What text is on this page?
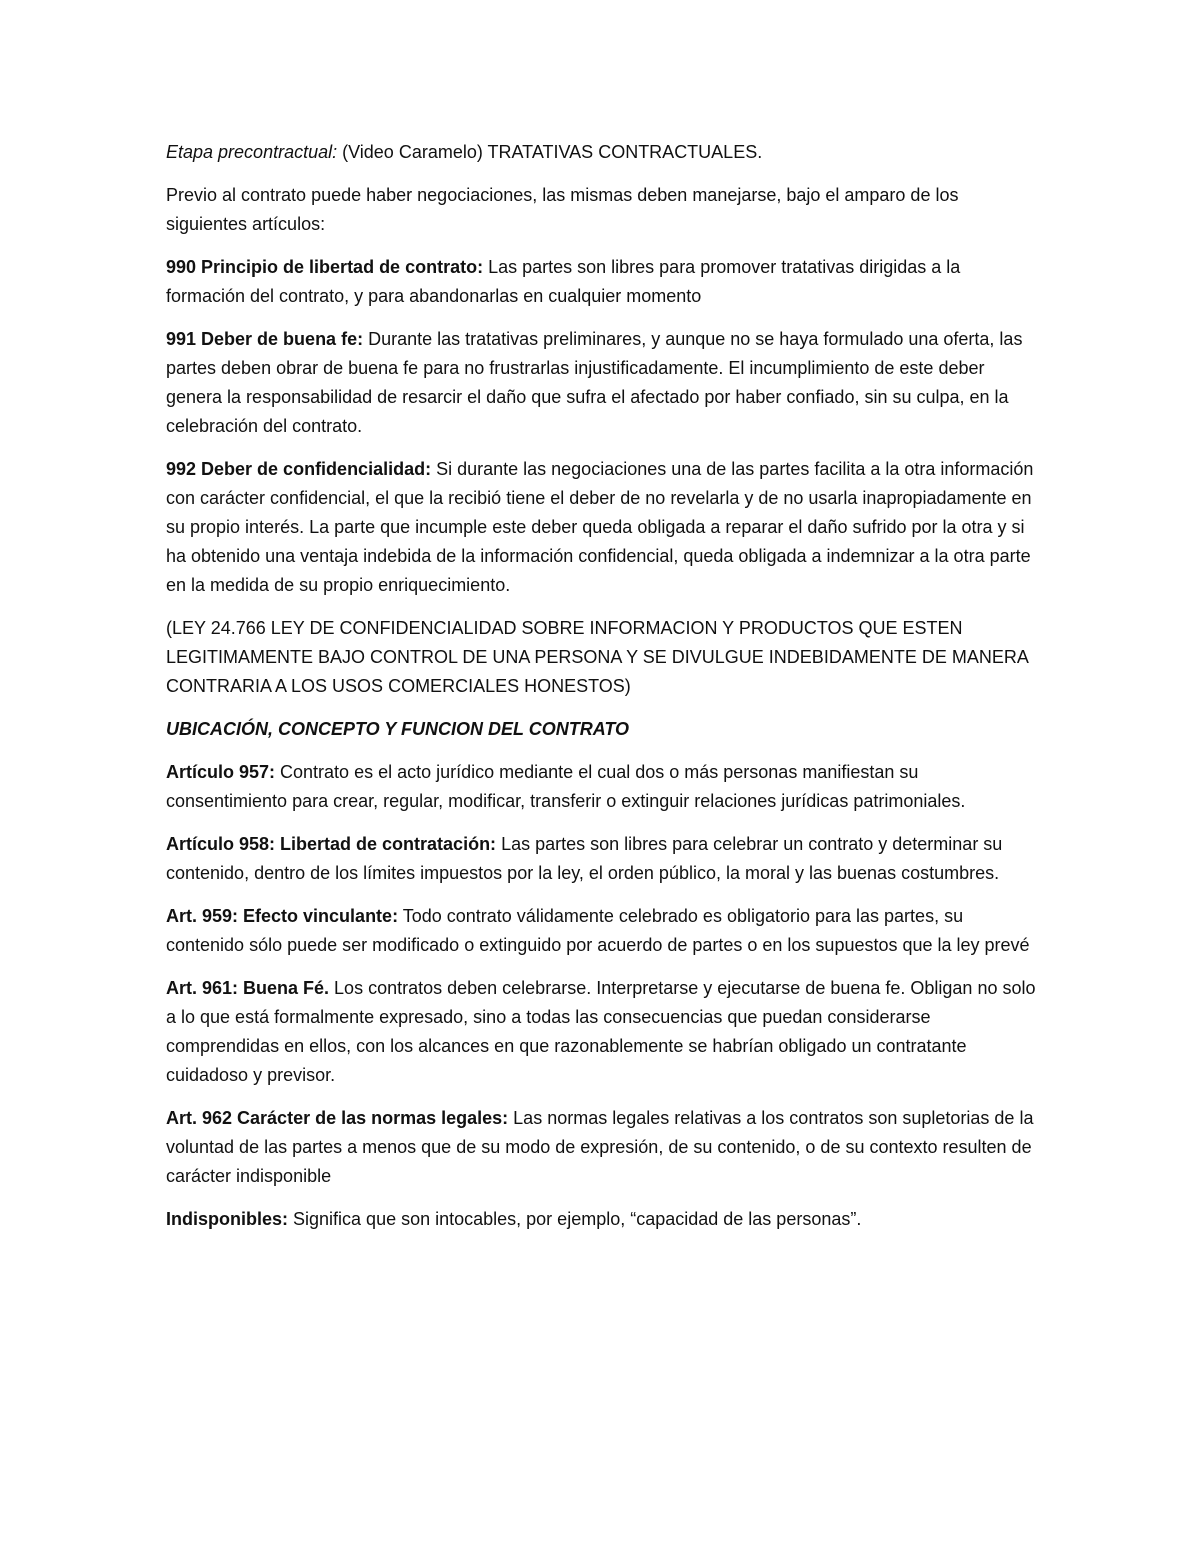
Etapa precontractual: (Video Caramelo) TRATATIVAS CONTRACTUALES.

Previo al contrato puede haber negociaciones, las mismas deben manejarse, bajo el amparo de los siguientes artículos:

990 Principio de libertad de contrato: Las partes son libres para promover tratativas dirigidas a la formación del contrato, y para abandonarlas en cualquier momento

991 Deber de buena fe: Durante las tratativas preliminares, y aunque no se haya formulado una oferta, las partes deben obrar de buena fe para no frustrarlas injustificadamente. El incumplimiento de este deber genera la responsabilidad de resarcir el daño que sufra el afectado por haber confiado, sin su culpa, en la celebración del contrato.

992 Deber de confidencialidad: Si durante las negociaciones una de las partes facilita a la otra información con carácter confidencial, el que la recibió tiene el deber de no revelarla y de no usarla inapropiadamente en su propio interés. La parte que incumple este deber queda obligada a reparar el daño sufrido por la otra y si ha obtenido una ventaja indebida de la información confidencial, queda obligada a indemnizar a la otra parte en la medida de su propio enriquecimiento.

(LEY 24.766 LEY DE CONFIDENCIALIDAD SOBRE INFORMACION Y PRODUCTOS QUE ESTEN LEGITIMAMENTE BAJO CONTROL DE UNA PERSONA Y SE DIVULGUE INDEBIDAMENTE DE MANERA CONTRARIA A LOS USOS COMERCIALES HONESTOS)

UBICACIÓN, CONCEPTO Y FUNCION DEL CONTRATO

Artículo 957: Contrato es el acto jurídico mediante el cual dos o más personas manifiestan su consentimiento para crear, regular, modificar, transferir o extinguir relaciones jurídicas patrimoniales.

Artículo 958: Libertad de contratación: Las partes son libres para celebrar un contrato y determinar su contenido, dentro de los límites impuestos por la ley, el orden público, la moral y las buenas costumbres.

Art. 959: Efecto vinculante: Todo contrato válidamente celebrado es obligatorio para las partes, su contenido sólo puede ser modificado o extinguido por acuerdo de partes o en los supuestos que la ley prevé

Art. 961: Buena Fé. Los contratos deben celebrarse. Interpretarse y ejecutarse de buena fe. Obligan no solo a lo que está formalmente expresado, sino a todas las consecuencias que puedan considerarse comprendidas en ellos, con los alcances en que razonablemente se habrían obligado un contratante cuidadoso y previsor.

Art. 962 Carácter de las normas legales: Las normas legales relativas a los contratos son supletorias de la voluntad de las partes a menos que de su modo de expresión, de su contenido, o de su contexto resulten de carácter indisponible

Indisponibles: Significa que son intocables, por ejemplo, “capacidad de las personas”.
